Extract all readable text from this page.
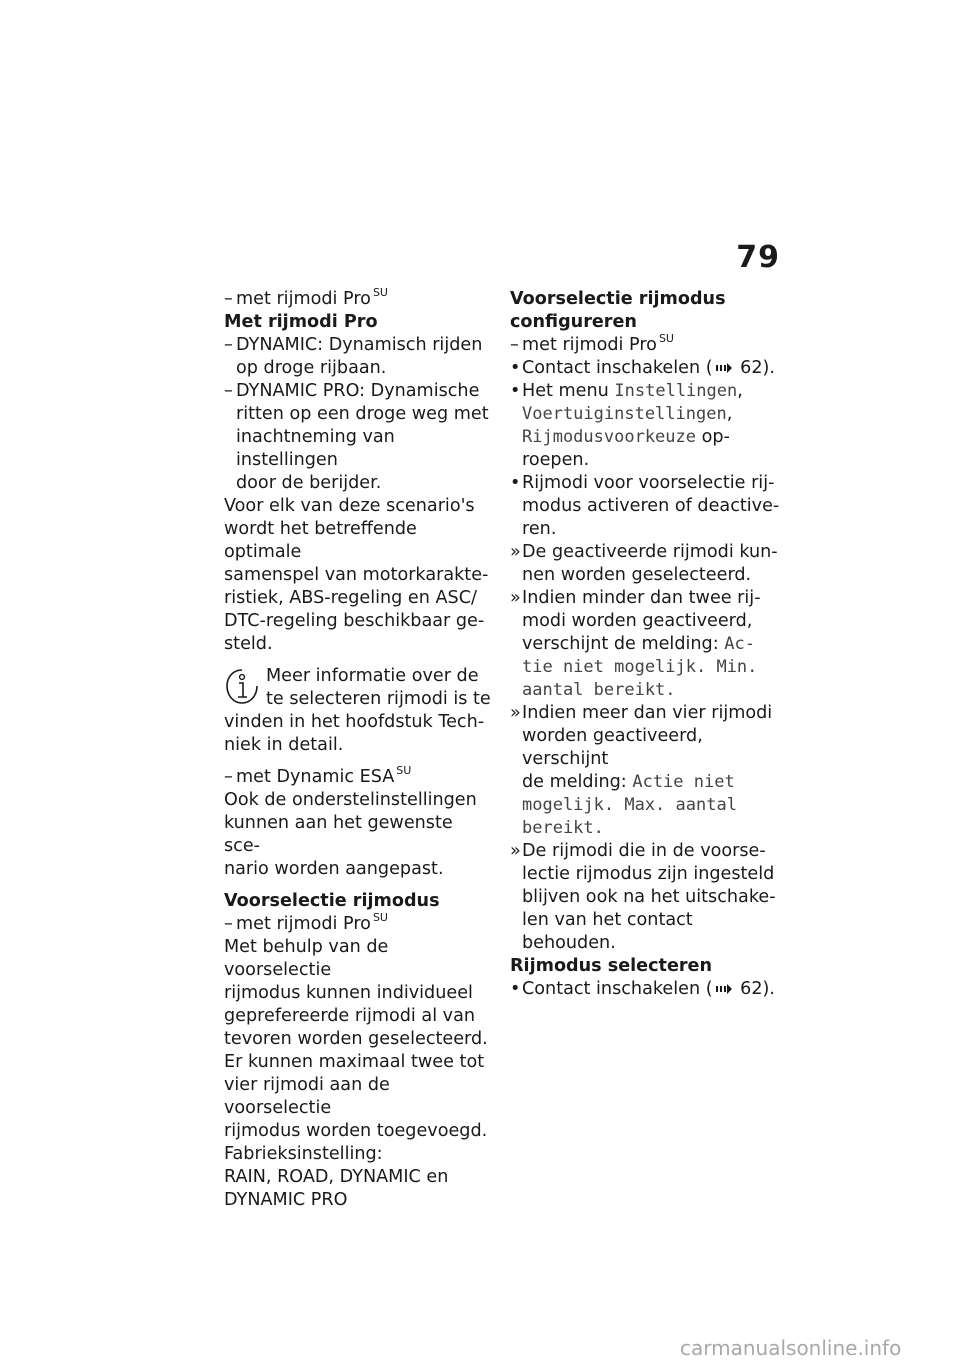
79

– met rijmodi Pro $^{SU}$

Met rijmodi Pro

– DYNAMIC: Dynamisch rijden
op droge rijbaan.
– DYNAMIC PRO: Dynamische
ritten op een droge weg met
inachtneming van instellingen
door de berijder.
Voor elk van deze scenario's
wordt het betreffende optimale
samenspel van motorkarakte-
ristiek, ABS-regeling en ASC/
DTC-regeling beschikbaar ge-
steld.
Meer informatie over de
te selecteren rijmodi is te
vinden in het hoofdstuk Tech-
niek in detail.

– met Dynamic ESA $^{SU}$

Ook de onderstelinstellingen
kunnen aan het gewenste sce-
nario worden aangepast.

Voorselectie rijmodus

– met rijmodi Pro $^{SU}$

Met behulp van de voorselectie
rijmodus kunnen individueel
geprefereerde rijmodi al van
tevoren worden geselecteerd.
Er kunnen maximaal twee tot
vier rijmodi aan de voorselectie
rijmodus worden toegevoegd.
Fabrieksinstelling:
RAIN, ROAD, DYNAMIC en
DYNAMIC PRO

Voorselectie rijmodus
configureren

– met rijmodi Pro $^{SU}$

• Contact inschakelen ( 62).

• Het menu Instellingen,
Voertuiginstellingen,
Rijmodusvoorkeuze op-
roepen.
• Rijmodi voor voorselectie rij-
modus activeren of deactive-
ren.
» De geactiveerde rijmodi kun-
nen worden geselecteerd.
» Indien minder dan twee rij-
modi worden geactiveerd,
verschijnt de melding: Ac-
tie niet mogelijk. Min.
aantal bereikt.
» Indien meer dan vier rijmodi
worden geactiveerd, verschijnt
de melding: Actie niet
mogelijk. Max. aantal
bereikt.
» De rijmodi die in de voorse-
lectie rijmodus zijn ingesteld
blijven ook na het uitschake-
len van het contact behouden.

Rijmodus selecteren

• Contact inschakelen ( 62).

carmanualsonline.info
